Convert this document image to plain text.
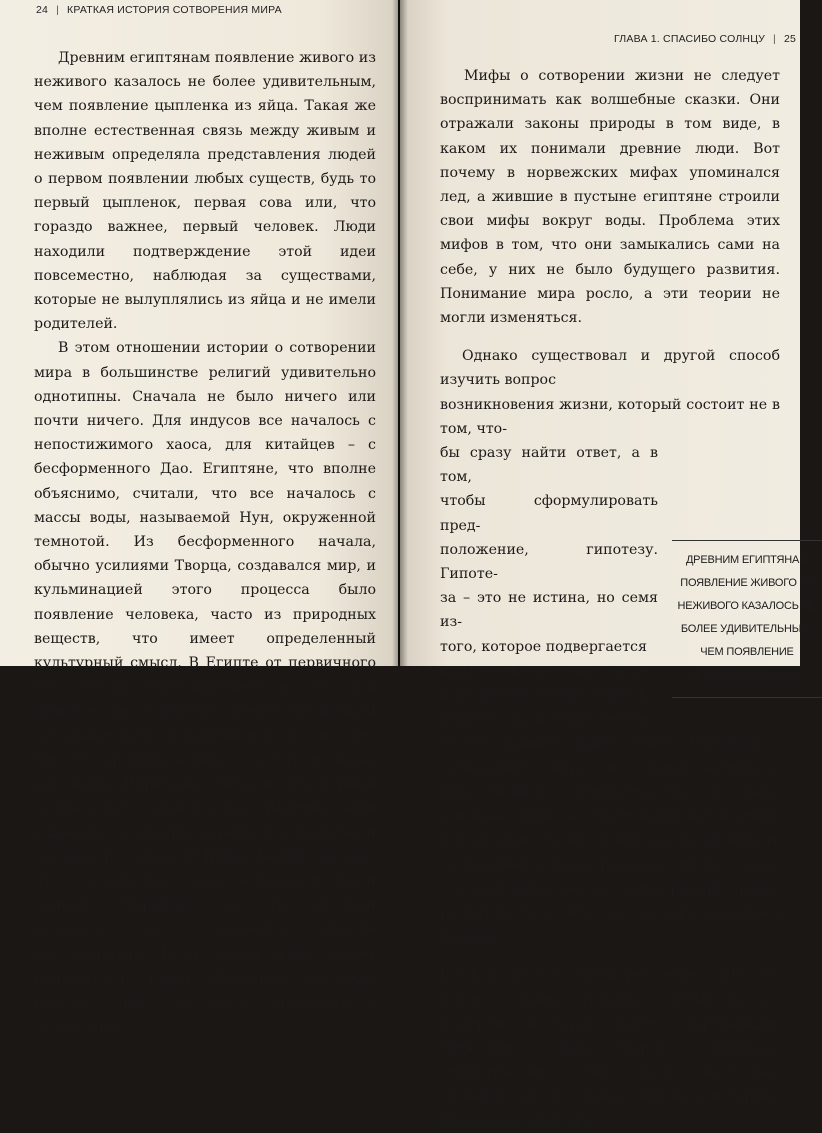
24 | КРАТКАЯ ИСТОРИЯ СОТВОРЕНИЯ МИРА

Древним египтянам появление живого из неживого казалось не более удивительным, чем появление цыпленка из яйца. Такая же вполне естественная связь между живым и неживым определяла представления людей о первом появлении любых существ, будь то первый цыпленок, первая сова или, что гораздо важнее, первый человек. Люди находили подтверждение этой идеи повсеместно, наблюдая за существами, которые не вылуплялись из яйца и не имели родителей.

В этом отношении истории о сотворении мира в большинстве религий удивительно однотипны. Сначала не было ничего или почти ничего. Для индусов все началось с непостижимого хаоса, для китайцев – с бесформенного Дао. Египтяне, что вполне объяснимо, считали, что все началось с массы воды, называемой Нун, окруженной темнотой. Из бесформенного начала, обычно усилиями Творца, создавался мир, и кульминацией этого процесса было появление человека, часто из природных веществ, что имеет определенный культурный смысл. В Египте от первичного бога Атума, воплощающего в себе как женское, так и мужское начало, произошли остальные боги. В конечном итоге, из слез бога Ра зародились люди – по сути, из воды, как жабы. Норвежцы считали, что первый человек был создан изо льда. Индейцы майя и древние ассирийцы верили, что люди были сделаны из глины. В Книге Бытия сказано, что «Господь Бог создал человека из пыли земной». Вероятно, все эти истории казались их создателям вполне достоверными. Если живая жаба может появиться из такой субстанции, как вода, почему такого не могло произойти с человеком?

ГЛАВА 1. СПАСИБО СОЛНЦУ | 25

Мифы о сотворении жизни не следует воспринимать как волшебные сказки. Они отражали законы природы в том виде, в каком их понимали древние люди. Вот почему в норвежских мифах упоминался лед, а жившие в пустыне египтяне строили свои мифы вокруг воды. Проблема этих мифов в том, что они замыкались сами на себе, у них не было будущего развития. Понимание мира росло, а эти теории не могли изменяться.

Однако существовал и другой способ изучить вопрос
возникновения жизни, который состоит не в том, что-
бы сразу найти ответ, а в том,
чтобы сформулировать пред-
положение, гипотезу. Гипоте-
за – это не истина, но семя из-
того, которое подвергается
критическому осмыслению
и позволяет глубже понять
вопросы, на которые челове-
чество жаждет найти ответ. Гипотеза о сотворении мира не предусматривала божественного вмешательства и была основана лишь на тщательном наблюдении и дедукции. Позже появилась возможность экспериментальной проверки гипотез, и все это произошло уже на самых ранних этапах развития того, что мы сегодня называем наукой.
ДРЕВНИМ ЕГИПТЯНАМ ПОЯВЛЕНИЕ ЖИВОГО ИЗ НЕЖИВОГО КАЗАЛОСЬ НЕ БОЛЕЕ УДИВИТЕЛЬНЫМ, ЧЕМ ПОЯВЛЕНИЕ ЦЫПЛЕНКА ИЗ ЯЙЦА.

В VI в. до н.э., примерно через 200 лет после создания «Илиады» слепым поэтом Гомером, в горах Тайгет, окружавших греческий город Спарта, случилось землетрясение. Оно было настолько сильным, что, по словам римского историка Цицерона, один пик
